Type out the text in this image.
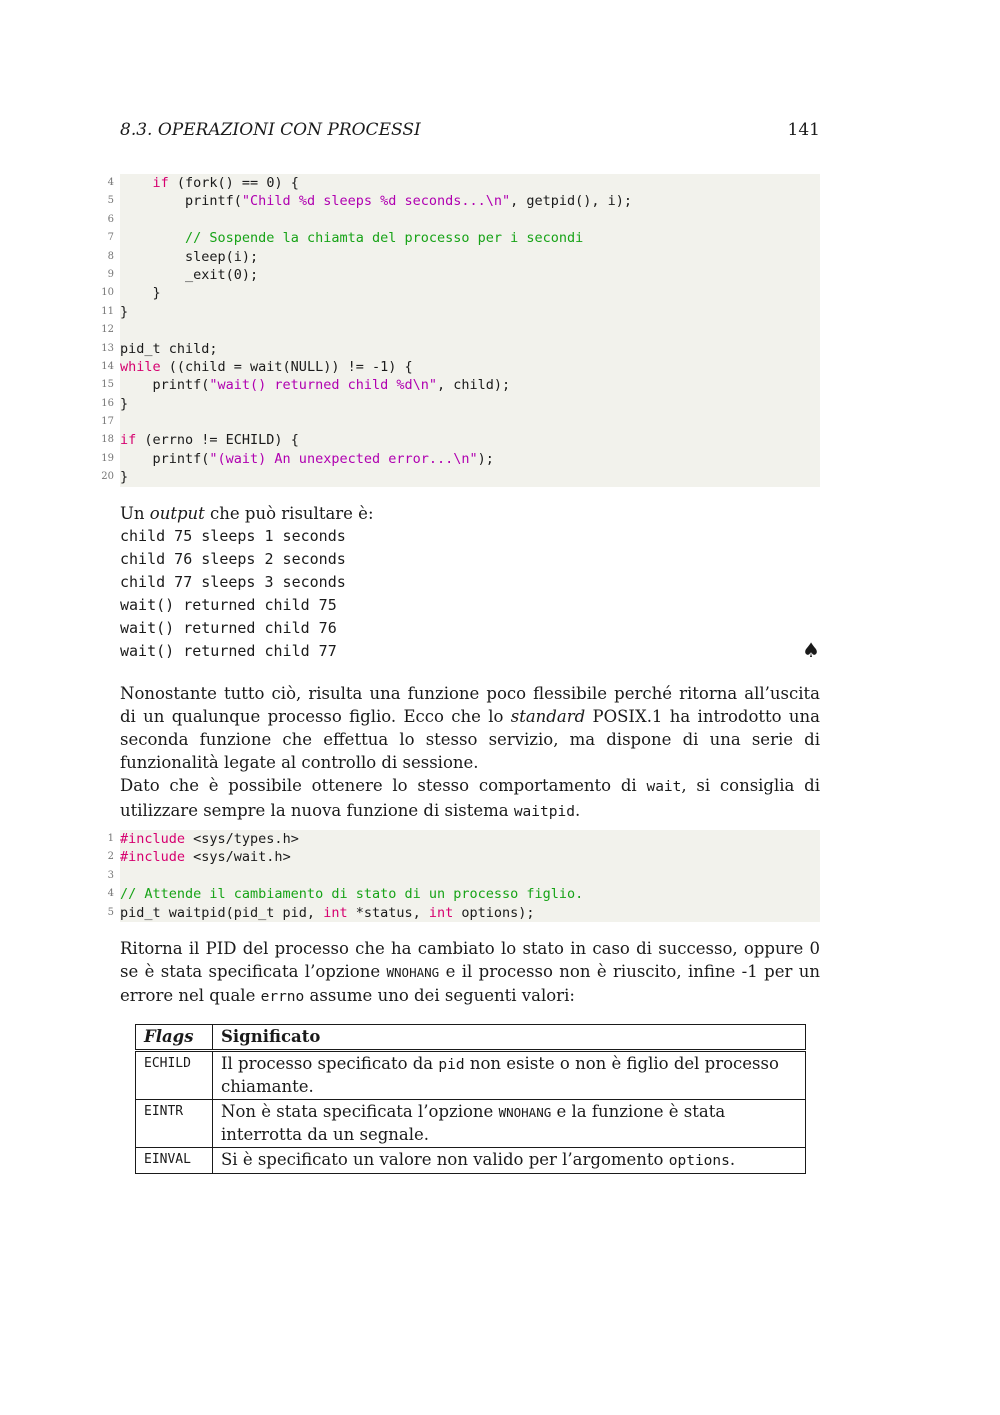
8.3. OPERAZIONI CON PROCESSI	141
4	if (fork() == 0) {
5 printf("Child %d sleeps %d seconds...\n", getpid(), i);
6
7	// Sospende la chiamta del processo per i secondi
8 sleep(i);
9 _exit(0);
10 }
11 }
12
13 pid_t child;
14 while ((child = wait(NULL)) != -1) {
15 printf("wait() returned child %d\n", child);
16 }
17
18 if (errno != ECHILD) {
19 printf("(wait) An unexpected error...\n");
20 }
Un output che può risultare è:
child 75 sleeps 1 seconds
child 76 sleeps 2 seconds
child 77 sleeps 3 seconds
wait() returned child 75
wait() returned child 76
wait() returned child 77	♠
Nonostante tutto ciò, risulta una funzione poco flessibile perché ritorna all’uscita di un qualunque processo figlio. Ecco che lo standard POSIX.1 ha introdotto una seconda funzione che effettua lo stesso servizio, ma dispone di una serie di funzionalità legate al controllo di sessione.
Dato che è possibile ottenere lo stesso comportamento di wait, si consiglia di utilizzare sempre la nuova funzione di sistema waitpid.
1 #include <sys/types.h>
2 #include <sys/wait.h>
3
4 // Attende il cambiamento di stato di un processo figlio.
5 pid_t waitpid(pid_t pid, int *status, int options);
Ritorna il PID del processo che ha cambiato lo stato in caso di successo, oppure 0 se è stata specificata l’opzione WNOHANG e il processo non è riuscito, infine -1 per un errore nel quale errno assume uno dei seguenti valori:
Flags	Significato
ECHILD	Il processo specificato da pid non esiste o non è figlio del processo chiamante.
EINTR	Non è stata specificata l’opzione WNOHANG e la funzione è stata interrotta da un segnale.
EINVAL	Si è specificato un valore non valido per l’argomento options.
